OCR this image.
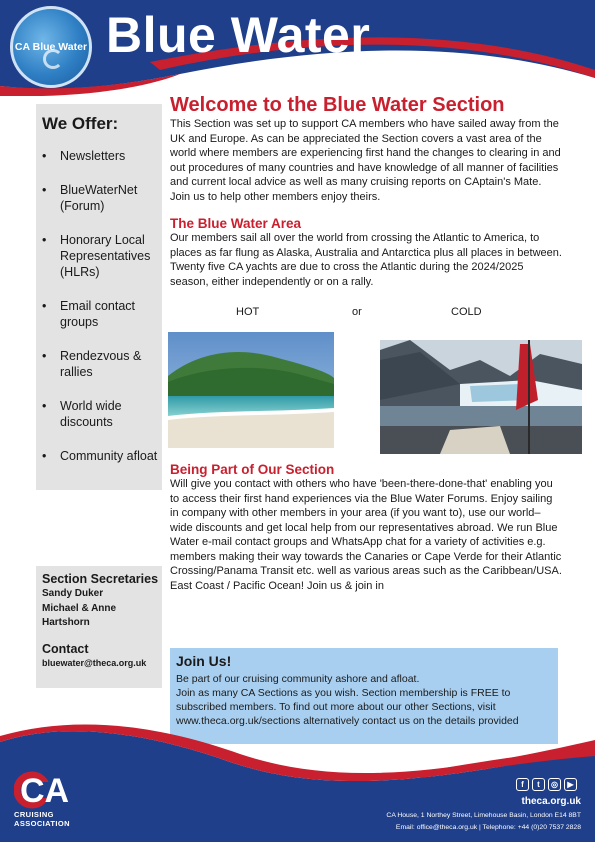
CA Blue Water Blue Water
We Offer:
• Newsletters
• BlueWaterNet (Forum)
• Honorary Local Representatives (HLRs)
• Email contact groups
• Rendezvous & rallies
• World wide discounts
• Community afloat
Section Secretaries
Sandy Duker
Michael & Anne Hartshorn
Contact
bluewater@theca.org.uk
Welcome to the Blue Water Section

This Section was set up to support CA members who have sailed away from the UK and Europe. As can be appreciated the Section covers a vast area of the world where members are experiencing first hand the changes to clearing in and out procedures of many countries and have knowledge of all manner of facilities and current local advice as well as many cruising reports on CAptain's Mate. Join us to help other members enjoy theirs.

The Blue Water Area

Our members sail all over the world from crossing the Atlantic to America, to places as far flung as Alaska, Australia and Antarctica plus all places in between. Twenty five CA yachts are due to cross the Atlantic during the 2024/2025 season, either independently or on a rally.

HOT	or	COLD
Being Part of Our Section

Will give you contact with others who have 'been-there-done-that' enabling you to access their first hand experiences via the Blue Water Forums. Enjoy sailing in company with other members in your area (if you want to), use our world–wide discounts and get local help from our representatives abroad. We run Blue Water e-mail contact groups and WhatsApp chat for a variety of activities e.g. members making their way towards the Canaries or Cape Verde for their Atlantic Crossing/Panama Transit etc. well as various areas such as the Caribbean/USA. East Coast / Pacific Ocean! Join us & join in

Join Us!

Be part of our cruising community ashore and afloat.

Join as many CA Sections as you wish. Section membership is FREE to subscribed members. To find out more about our other Sections, visit www.theca.org.uk/sections alternatively contact us on the details provided

CA
CRUISING
ASSOCIATION
f	t	◎	▶
theca.org.uk
CA House, 1 Northey Street, Limehouse Basin, London E14 8BT
Email: office@theca.org.uk | Telephone: +44 (0)20 7537 2828
